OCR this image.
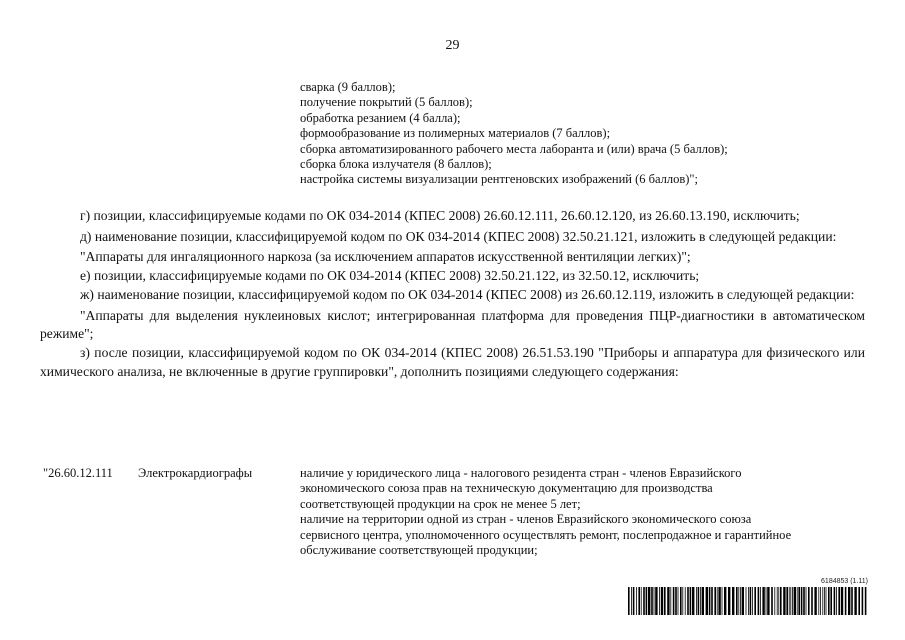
29
сварка (9 баллов);
получение покрытий (5 баллов);
обработка резанием (4 балла);
формообразование из полимерных материалов (7 баллов);
сборка автоматизированного рабочего места лаборанта и (или) врача (5 баллов);
сборка блока излучателя (8 баллов);
настройка системы визуализации рентгеновских изображений (6 баллов)";
г) позиции, классифицируемые кодами по ОК 034-2014 (КПЕС 2008) 26.60.12.111, 26.60.12.120, из 26.60.13.190, исключить;
д) наименование позиции, классифицируемой кодом по ОК 034-2014 (КПЕС 2008) 32.50.21.121, изложить в следующей редакции:
"Аппараты для ингаляционного наркоза (за исключением аппаратов искусственной вентиляции легких)";
е) позиции, классифицируемые кодами по ОК 034-2014 (КПЕС 2008) 32.50.21.122, из 32.50.12, исключить;
ж) наименование позиции, классифицируемой кодом по ОК 034-2014 (КПЕС 2008) из 26.60.12.119, изложить в следующей редакции:
"Аппараты для выделения нуклеиновых кислот; интегрированная платформа для проведения ПЦР-диагностики в автоматическом режиме";
з) после позиции, классифицируемой кодом по ОК 034-2014 (КПЕС 2008) 26.51.53.190 "Приборы и аппаратура для физического или химического анализа, не включенные в другие группировки", дополнить позициями следующего содержания:
"26.60.12.111 Электрокардиографы	наличие у юридического лица - налогового резидента стран - членов Евразийского
экономического союза прав на техническую документацию для производства
соответствующей продукции на срок не менее 5 лет;
наличие на территории одной из стран - членов Евразийского экономического союза
сервисного центра, уполномоченного осуществлять ремонт, послепродажное и гарантийное
обслуживание соответствующей продукции;
6184853 (1.11)
